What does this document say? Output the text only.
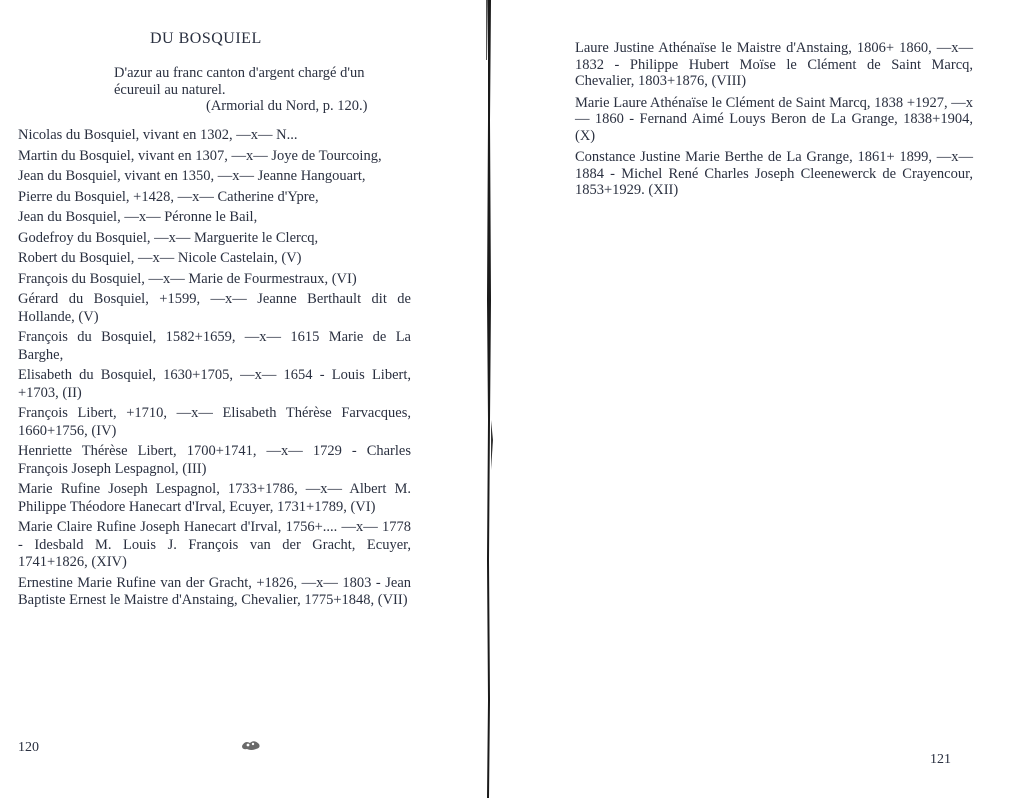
DU BOSQUIEL
D'azur au franc canton d'argent chargé d'un écureuil au naturel.
(Armorial du Nord, p. 120.)
Nicolas du Bosquiel, vivant en 1302, —x— N...
Martin du Bosquiel, vivant en 1307, —x— Joye de Tourcoing,
Jean du Bosquiel, vivant en 1350, —x— Jeanne Hangouart,
Pierre du Bosquiel, +1428, —x— Catherine d'Ypre,
Jean du Bosquiel, —x— Péronne le Bail,
Godefroy du Bosquiel, —x— Marguerite le Clercq,
Robert du Bosquiel, —x— Nicole Castelain, (V)
François du Bosquiel, —x— Marie de Fourmestraux, (VI)
Gérard du Bosquiel, +1599, —x— Jeanne Berthault dit de Hollande, (V)
François du Bosquiel, 1582+1659, —x— 1615 Marie de La Barghe,
Elisabeth du Bosquiel, 1630+1705, —x— 1654 - Louis Libert, +1703, (II)
François Libert, +1710, —x— Elisabeth Thérèse Farvacques, 1660+1756, (IV)
Henriette Thérèse Libert, 1700+1741, —x— 1729 - Charles François Joseph Lespagnol, (III)
Marie Rufine Joseph Lespagnol, 1733+1786, —x— Albert M. Philippe Théodore Hanecart d'Irval, Ecuyer, 1731+1789, (VI)
Marie Claire Rufine Joseph Hanecart d'Irval, 1756+.... —x— 1778 - Idesbald M. Louis J. François van der Gracht, Ecuyer, 1741+1826, (XIV)
Ernestine Marie Rufine van der Gracht, +1826, —x— 1803 - Jean Baptiste Ernest le Maistre d'Anstaing, Chevalier, 1775+1848, (VII)
120
121
Laure Justine Athénaïse le Maistre d'Anstaing, 1806+ 1860, —x— 1832 - Philippe Hubert Moïse le Clément de Saint Marcq, Chevalier, 1803+1876, (VIII)
Marie Laure Athénaïse le Clément de Saint Marcq, 1838 +1927, —x— 1860 - Fernand Aimé Louys Beron de La Grange, 1838+1904, (X)
Constance Justine Marie Berthe de La Grange, 1861+ 1899, —x— 1884 - Michel René Charles Joseph Cleenewerck de Crayencour, 1853+1929. (XII)
